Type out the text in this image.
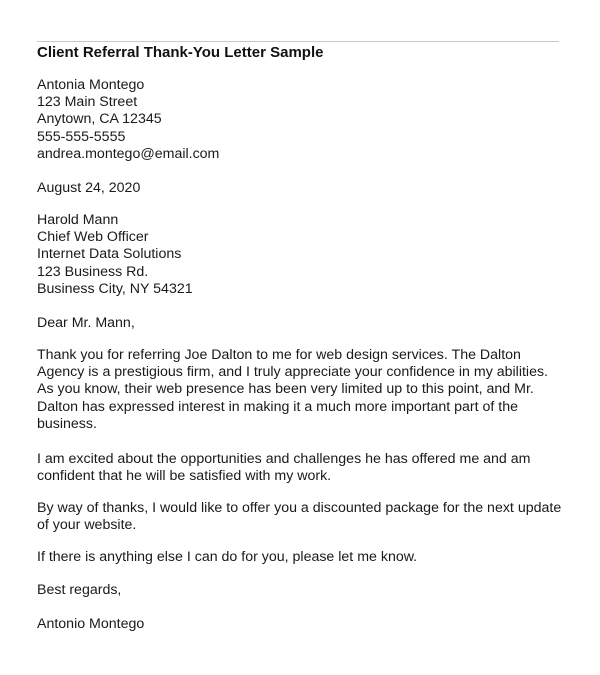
Client Referral Thank-You Letter Sample
Antonia Montego
123 Main Street
Anytown, CA 12345
555-555-5555
andrea.montego@email.com
August 24, 2020
Harold Mann
Chief Web Officer
Internet Data Solutions
123 Business Rd.
Business City, NY 54321
Dear Mr. Mann,
Thank you for referring Joe Dalton to me for web design services. The Dalton Agency is a prestigious firm, and I truly appreciate your confidence in my abilities. As you know, their web presence has been very limited up to this point, and Mr. Dalton has expressed interest in making it a much more important part of the business.
I am excited about the opportunities and challenges he has offered me and am confident that he will be satisfied with my work.
By way of thanks, I would like to offer you a discounted package for the next update of your website.
If there is anything else I can do for you, please let me know.
Best regards,
Antonio Montego
